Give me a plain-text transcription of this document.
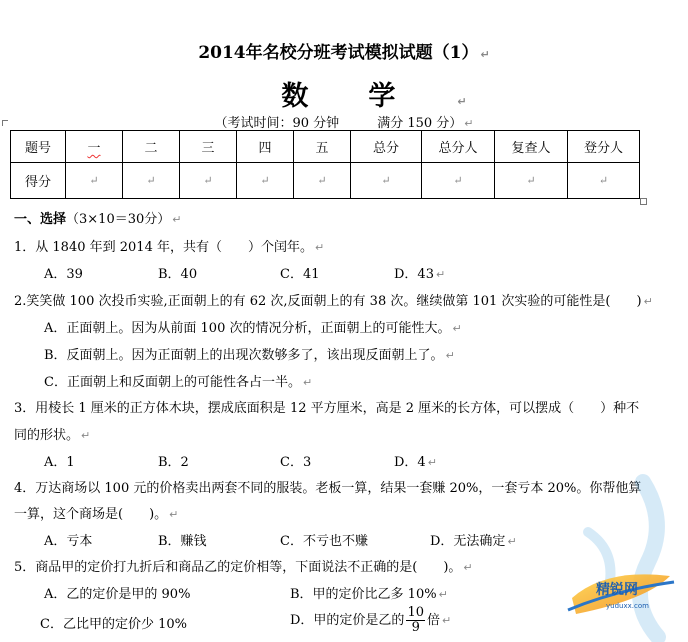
2014年名校分班考试模拟试题（1） ↵
数学 ↵
（考试时间：90 分钟	满分 150 分） ↵
题号	一	二	三	四	五	总分	总分人	复查人	登分人
得分	↵	↵	↵	↵	↵	↵	↵	↵	↵
一、选择（3×10＝30分） ↵
1．从 1840 年到 2014 年，共有（　　）个闰年。 ↵
A．39	B．40	C．41	D．43 ↵
2.笑笑做 100 次投币实验,正面朝上的有 62 次,反面朝上的有 38 次。继续做第 101 次实验的可能性是(　　) ↵
A．正面朝上。因为从前面 100 次的情况分析，正面朝上的可能性大。 ↵
B．反面朝上。因为正面朝上的出现次数够多了，该出现反面朝上了。 ↵
C．正面朝上和反面朝上的可能性各占一半。 ↵
3．用棱长 1 厘米的正方体木块，摆成底面积是 12 平方厘米，高是 2 厘米的长方体，可以摆成（　　）种不
同的形状。 ↵
A．1	B．2	C．3	D．4 ↵
4．万达商场以 100 元的价格卖出两套不同的服装。老板一算，结果一套赚 20%，一套亏本 20%。你帮他算
一算，这个商场是(　　)。 ↵
A．亏本	B．赚钱	C．不亏也不赚	D．无法确定 ↵
5．商品甲的定价打九折后和商品乙的定价相等，下面说法不正确的是(　　)。 ↵
A．乙的定价是甲的 90%	B．甲的定价比乙多 10% ↵
C．乙比甲的定价少 10%	D．甲的定价是乙的 $\frac{10}{9}$ 倍 ↵
精锐网
yuduxx.com
